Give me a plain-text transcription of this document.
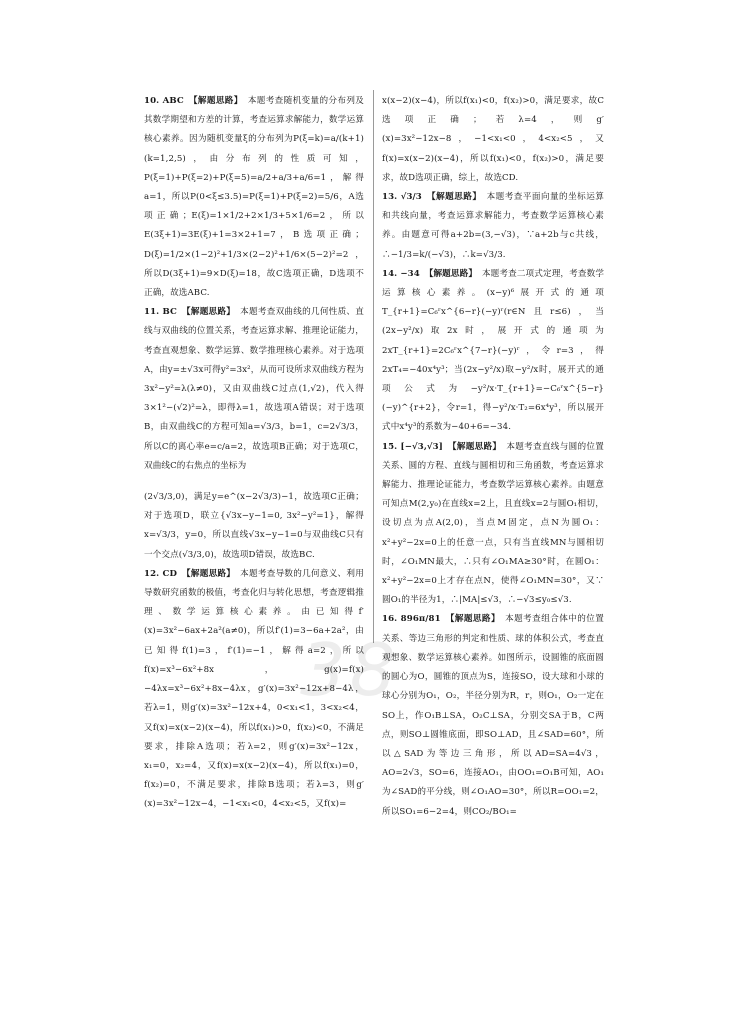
10. ABC 【解题思路】 本题考查随机变量的分布列及其数学期望和方差的计算，考查运算求解能力，数学运算核心素养。因为随机变量ξ的分布列为P(ξ=k)=a/(k+1)(k=1,2,5)，由分布列的性质可知，P(ξ=1)+P(ξ=2)+P(ξ=5)=a/2+a/3+a/6=1，解得a=1，所以P(0<ξ≤3.5)=P(ξ=1)+P(ξ=2)=5/6，A选项正确；E(ξ)=1×1/2+2×1/3+5×1/6=2，所以E(3ξ+1)=3E(ξ)+1=3×2+1=7，B选项正确；D(ξ)=1/2×(1−2)²+1/3×(2−2)²+1/6×(5−2)²=2，所以D(3ξ+1)=9×D(ξ)=18，故C选项正确，D选项不正确，故选ABC.
11. BC 【解题思路】 本题考查双曲线的几何性质、直线与双曲线的位置关系，考查运算求解、推理论证能力，考查直观想象、数学运算、数学推理核心素养。对于选项A，由y=±√3x可得y²=3x²，从而可设所求双曲线方程为3x²−y²=λ(λ≠0)，又由双曲线C过点(1,√2)，代入得3×1²−(√2)²=λ，即得λ=1，故选项A错误；对于选项B，由双曲线C的方程可知a=√3/3，b=1，c=2√3/3，所以C的离心率e=c/a=2，故选项B正确；对于选项C，双曲线C的右焦点的坐标为
(2√3/3,0)，满足y=e^(x−2√3/3)−1，故选项C正确；对于选项D，联立{√3x−y−1=0, 3x²−y²=1}，解得x=√3/3，y=0，所以直线√3x−y−1=0与双曲线C只有一个交点(√3/3,0)，故选项D错误，故选BC.
12. CD 【解题思路】 本题考查导数的几何意义、利用导数研究函数的极值，考查化归与转化思想，考查逻辑推理、数学运算核心素养。由已知得f′(x)=3x²−6ax+2a²(a≠0)，所以f′(1)=3−6a+2a²，由已知得f(1)=3，f′(1)=−1，解得a=2，所以f(x)=x³−6x²+8x，g(x)=f(x)−4λx=x³−6x²+8x−4λx，g′(x)=3x²−12x+8−4λ，若λ=1，则g′(x)=3x²−12x+4，0<x₁<1，3<x₂<4，又f(x)=x(x−2)(x−4)，所以f(x₁)>0，f(x₂)<0，不满足要求，排除A选项；若λ=2，则g′(x)=3x²−12x，x₁=0，x₂=4，又f(x)=x(x−2)(x−4)，所以f(x₁)=0，f(x₂)=0，不满足要求，排除B选项；若λ=3，则g′(x)=3x²−12x−4，−1<x₁<0，4<x₂<5，又f(x)=
x(x−2)(x−4)，所以f(x₁)<0，f(x₂)>0，满足要求，故C选项正确；若λ=4，则g′(x)=3x²−12x−8，−1<x₁<0，4<x₂<5，又f(x)=x(x−2)(x−4)，所以f(x₁)<0，f(x₂)>0，满足要求，故D选项正确，综上，故选CD.
13. √3/3 【解题思路】 本题考查平面向量的坐标运算和共线向量，考查运算求解能力，考查数学运算核心素养。由题意可得a+2b=(3,−√3)，∵a+2b与c共线，∴−1/3=k/(−√3)，∴k=√3/3.
14. −34 【解题思路】 本题考查二项式定理，考查数学运算核心素养。(x−y)⁶展开式的通项T_{r+1}=C₆ʳx^{6−r}(−y)ʳ(r∈N且r≤6)，当(2x−y²/x)取2x时，展开式的通项为2xT_{r+1}=2C₆ʳx^{7−r}(−y)ʳ，令r=3，得2xT₄=−40x⁴y³；当(2x−y²/x)取−y²/x时，展开式的通项公式为−y²/x·T_{r+1}=−C₆ʳx^{5−r}(−y)^{r+2}，令r=1，得−y²/x·T₂=6x⁴y³，所以展开式中x⁴y³的系数为−40+6=−34.
15. [−√3,√3] 【解题思路】 本题考查直线与圆的位置关系、圆的方程、直线与圆相切和三角函数，考查运算求解能力、推理论证能力，考查数学运算核心素养。由题意可知点M(2,y₀)在直线x=2上，且直线x=2与圆O₁相切，设切点为点A(2,0)，当点M固定，点N为圆O₁：x²+y²−2x=0上的任意一点，只有当直线MN与圆相切时，∠O₁MN最大，∴只有∠O₁MA≥30°时，在圆O₁：x²+y²−2x=0上才存在点N，使得∠O₁MN=30°，又∵圆O₁的半径为1，∴|MA|≤√3，∴−√3≤y₀≤√3.
16. 896π/81 【解题思路】 本题考查组合体中的位置关系、等边三角形的判定和性质、球的体积公式，考查直观想象、数学运算核心素养。如图所示，设圆锥的底面圆的圆心为O，圆锥的顶点为S，连接SO，设大球和小球的球心分别为O₁，O₂，半径分别为R，r，则O₁，O₂一定在SO上，作O₁B⊥SA，O₂C⊥SA，分别交SA于B，C两点，则SO⊥圆锥底面，即SO⊥AD，且∠SAD=60°，所以△SAD为等边三角形，所以AD=SA=4√3，AO=2√3，SO=6，连接AO₁，由OO₁=O₁B可知，AO₁为∠SAD的平分线，则∠O₁AO=30°，所以R=OO₁=2，所以SO₁=6−2=4，则CO₂/BO₁=
38
